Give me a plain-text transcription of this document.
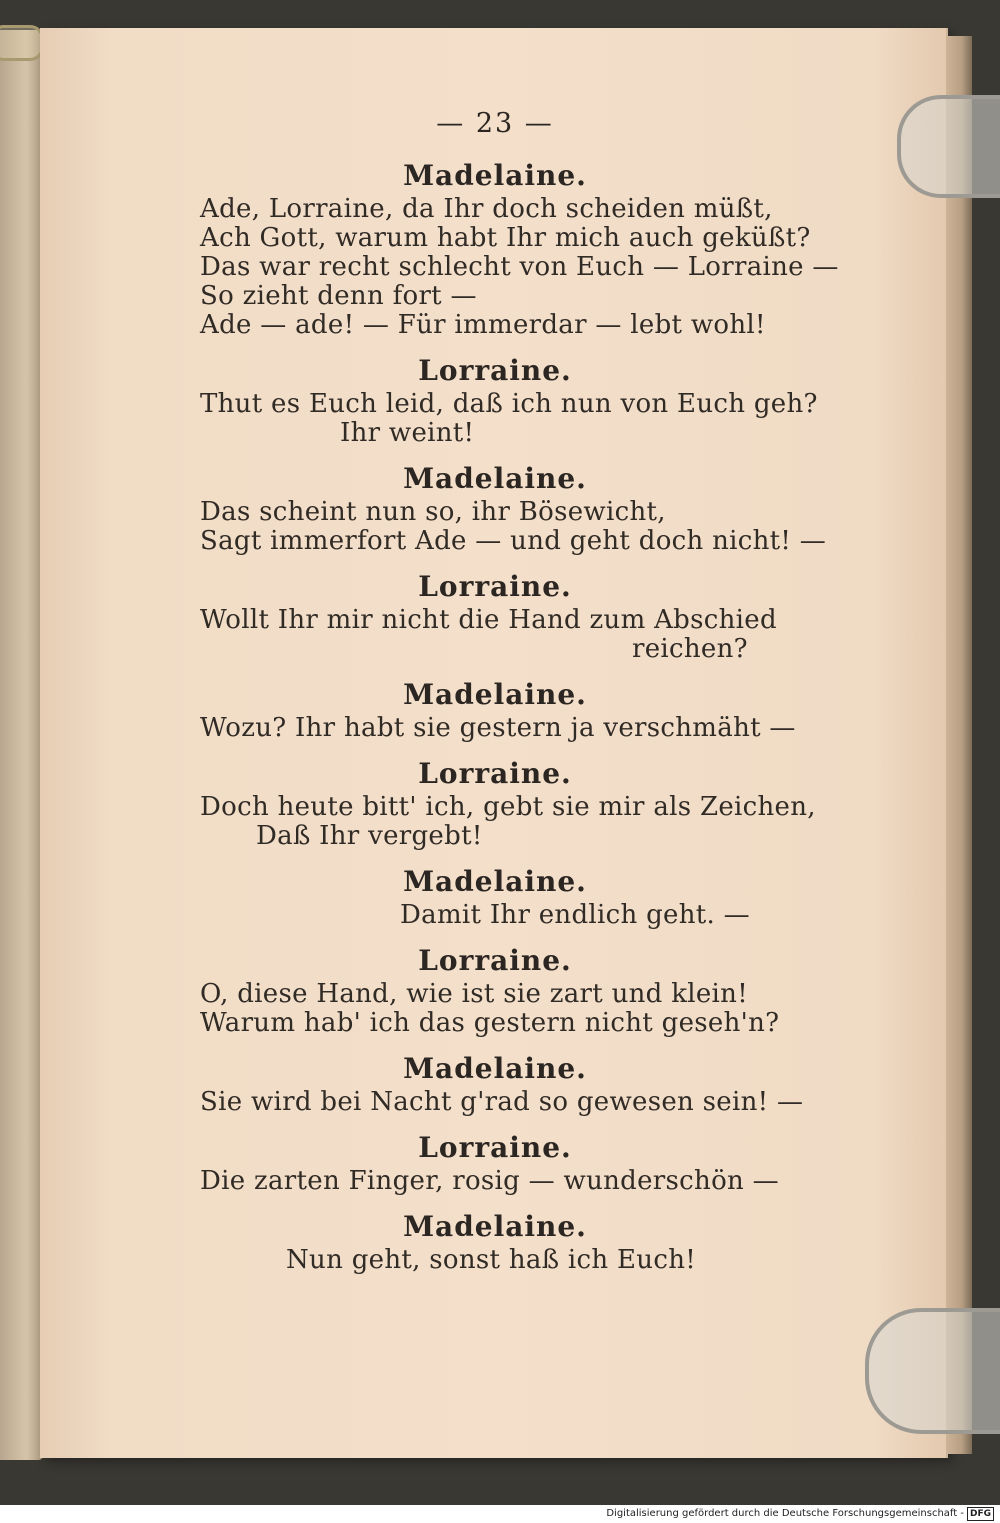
— 23 —
Madelaine.
Ade, Lorraine, da Ihr doch scheiden müßt,
Ach Gott, warum habt Ihr mich auch geküßt?
Das war recht schlecht von Euch — Lorraine —
So zieht denn fort —
Ade — ade! — Für immerdar — lebt wohl!
Lorraine.
Thut es Euch leid, daß ich nun von Euch geh?
Ihr weint!
Madelaine.
Das scheint nun so, ihr Bösewicht,
Sagt immerfort Ade — und geht doch nicht! —
Lorraine.
Wollt Ihr mir nicht die Hand zum Abschied
reichen?
Madelaine.
Wozu? Ihr habt sie gestern ja verschmäht —
Lorraine.
Doch heute bitt' ich, gebt sie mir als Zeichen,
Daß Ihr vergebt!
Madelaine.
Damit Ihr endlich geht. —
Lorraine.
O, diese Hand, wie ist sie zart und klein!
Warum hab' ich das gestern nicht geseh'n?
Madelaine.
Sie wird bei Nacht g'rad so gewesen sein! —
Lorraine.
Die zarten Finger, rosig — wunderschön —
Madelaine.
Nun geht, sonst haß ich Euch!
Digitalisierung gefördert durch die Deutsche Forschungsgemeinschaft - DFG
